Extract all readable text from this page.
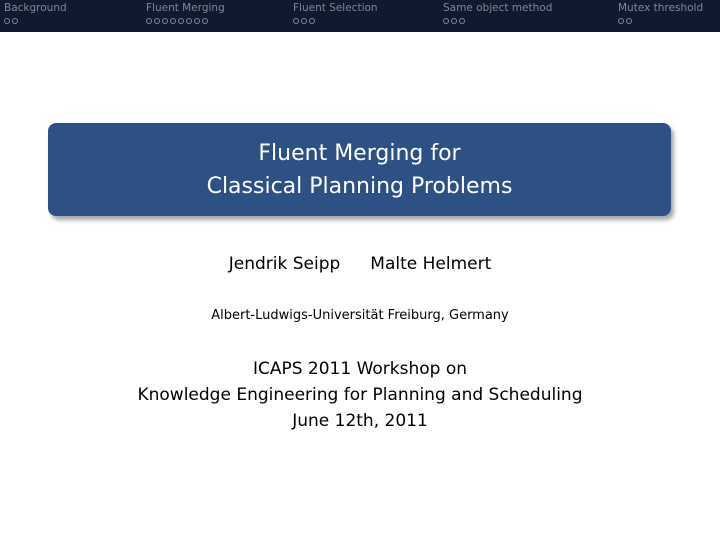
Background	Fluent Merging	Fluent Selection	Same object method	Mutex threshold
Fluent Merging for
Classical Planning Problems
Jendrik Seipp Malte Helmert
Albert-Ludwigs-Universität Freiburg, Germany
ICAPS 2011 Workshop on
Knowledge Engineering for Planning and Scheduling
June 12th, 2011
